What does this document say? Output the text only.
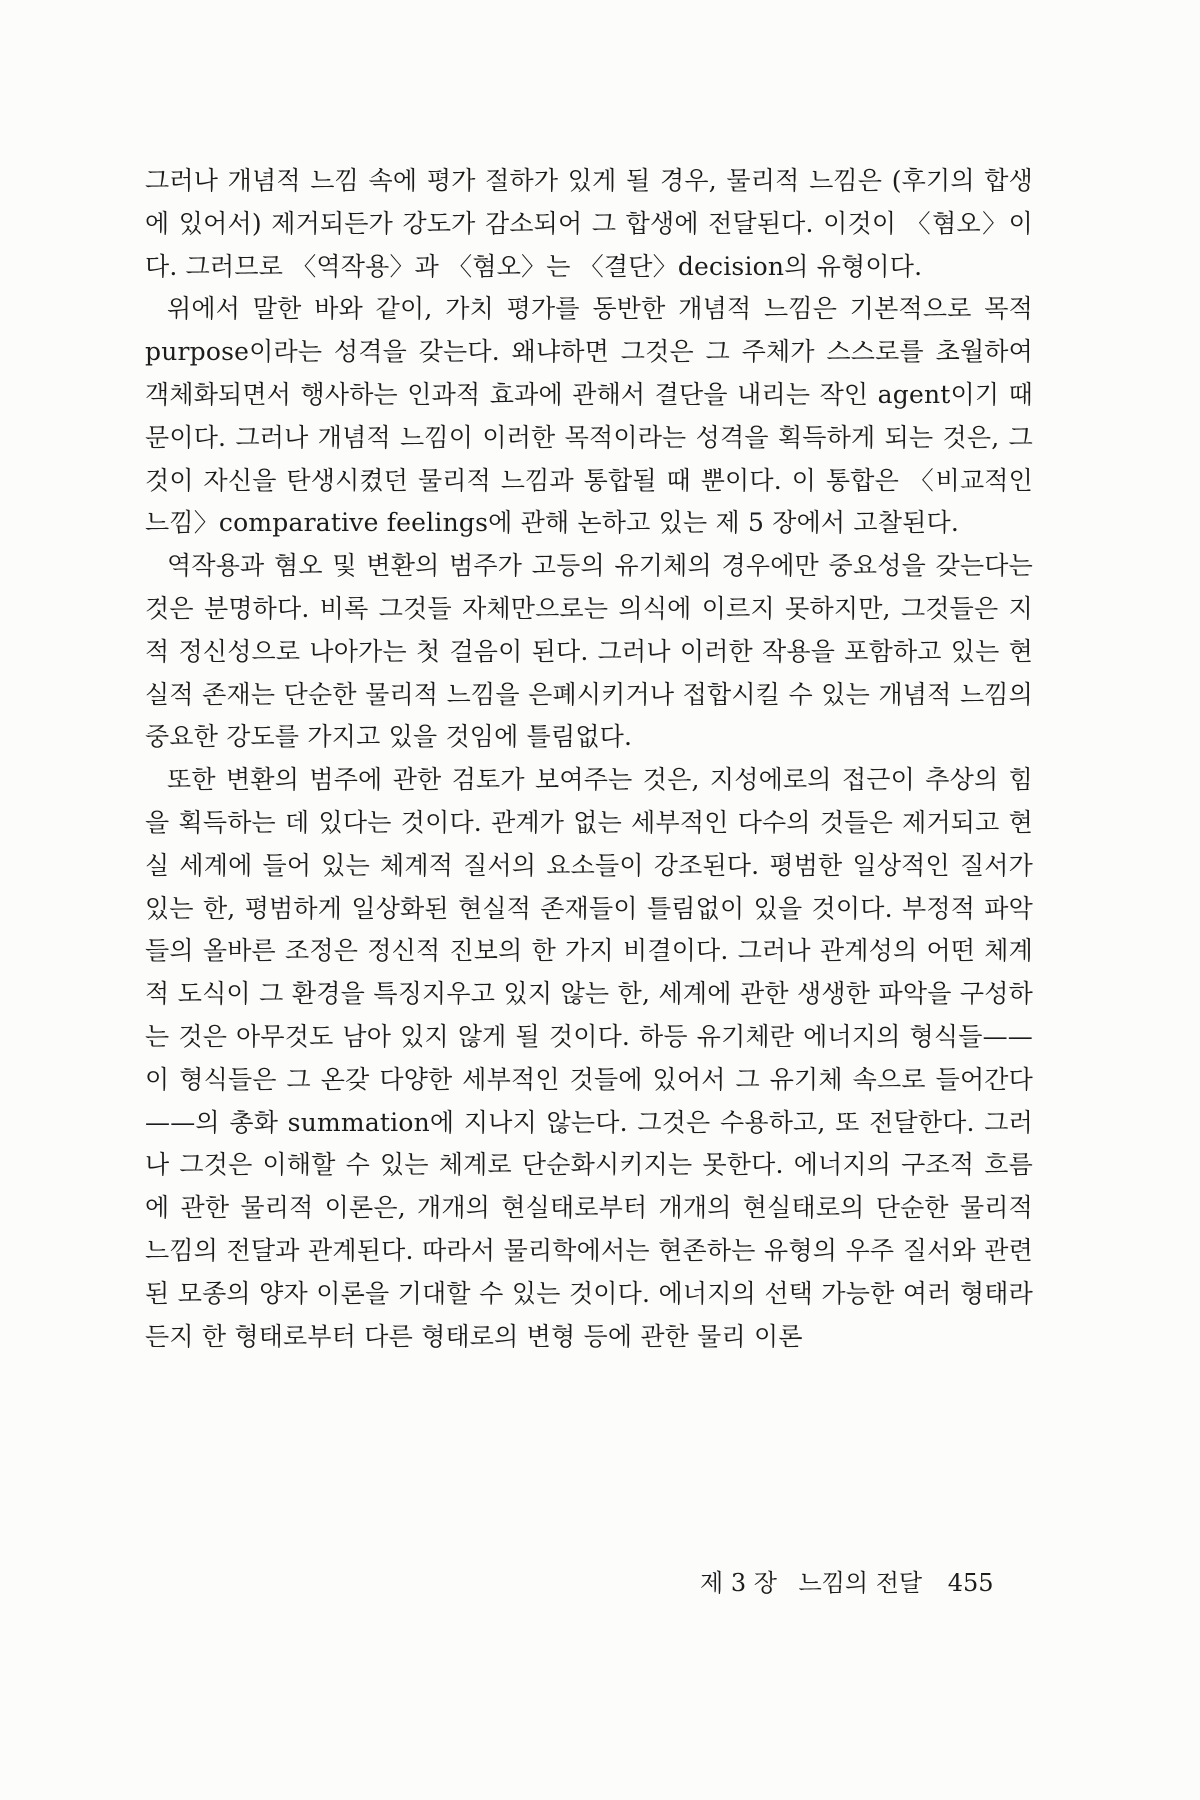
그러나 개념적 느낌 속에 평가 절하가 있게 될 경우, 물리적 느낌은 (후기의 합생에 있어서) 제거되든가 강도가 감소되어 그 합생에 전달된다. 이것이 〈혐오〉이다. 그러므로 〈역작용〉과 〈혐오〉는 〈결단〉decision의 유형이다.

위에서 말한 바와 같이, 가치 평가를 동반한 개념적 느낌은 기본적으로 목적 purpose이라는 성격을 갖는다. 왜냐하면 그것은 그 주체가 스스로를 초월하여 객체화되면서 행사하는 인과적 효과에 관해서 결단을 내리는 작인 agent이기 때문이다. 그러나 개념적 느낌이 이러한 목적이라는 성격을 획득하게 되는 것은, 그것이 자신을 탄생시켰던 물리적 느낌과 통합될 때 뿐이다. 이 통합은 〈비교적인 느낌〉comparative feelings에 관해 논하고 있는 제 5 장에서 고찰된다.

역작용과 혐오 및 변환의 범주가 고등의 유기체의 경우에만 중요성을 갖는다는 것은 분명하다. 비록 그것들 자체만으로는 의식에 이르지 못하지만, 그것들은 지적 정신성으로 나아가는 첫 걸음이 된다. 그러나 이러한 작용을 포함하고 있는 현실적 존재는 단순한 물리적 느낌을 은폐시키거나 접합시킬 수 있는 개념적 느낌의 중요한 강도를 가지고 있을 것임에 틀림없다.

또한 변환의 범주에 관한 검토가 보여주는 것은, 지성에로의 접근이 추상의 힘을 획득하는 데 있다는 것이다. 관계가 없는 세부적인 다수의 것들은 제거되고 현실 세계에 들어 있는 체계적 질서의 요소들이 강조된다. 평범한 일상적인 질서가 있는 한, 평범하게 일상화된 현실적 존재들이 틀림없이 있을 것이다. 부정적 파악들의 올바른 조정은 정신적 진보의 한 가지 비결이다. 그러나 관계성의 어떤 체계적 도식이 그 환경을 특징지우고 있지 않는 한, 세계에 관한 생생한 파악을 구성하는 것은 아무것도 남아 있지 않게 될 것이다. 하등 유기체란 에너지의 형식들——이 형식들은 그 온갖 다양한 세부적인 것들에 있어서 그 유기체 속으로 들어간다——의 총화 summation에 지나지 않는다. 그것은 수용하고, 또 전달한다. 그러나 그것은 이해할 수 있는 체계로 단순화시키지는 못한다. 에너지의 구조적 흐름에 관한 물리적 이론은, 개개의 현실태로부터 개개의 현실태로의 단순한 물리적 느낌의 전달과 관계된다. 따라서 물리학에서는 현존하는 유형의 우주 질서와 관련된 모종의 양자 이론을 기대할 수 있는 것이다. 에너지의 선택 가능한 여러 형태라든지 한 형태로부터 다른 형태로의 변형 등에 관한 물리 이론

제 3 장 느낌의 전달 455
